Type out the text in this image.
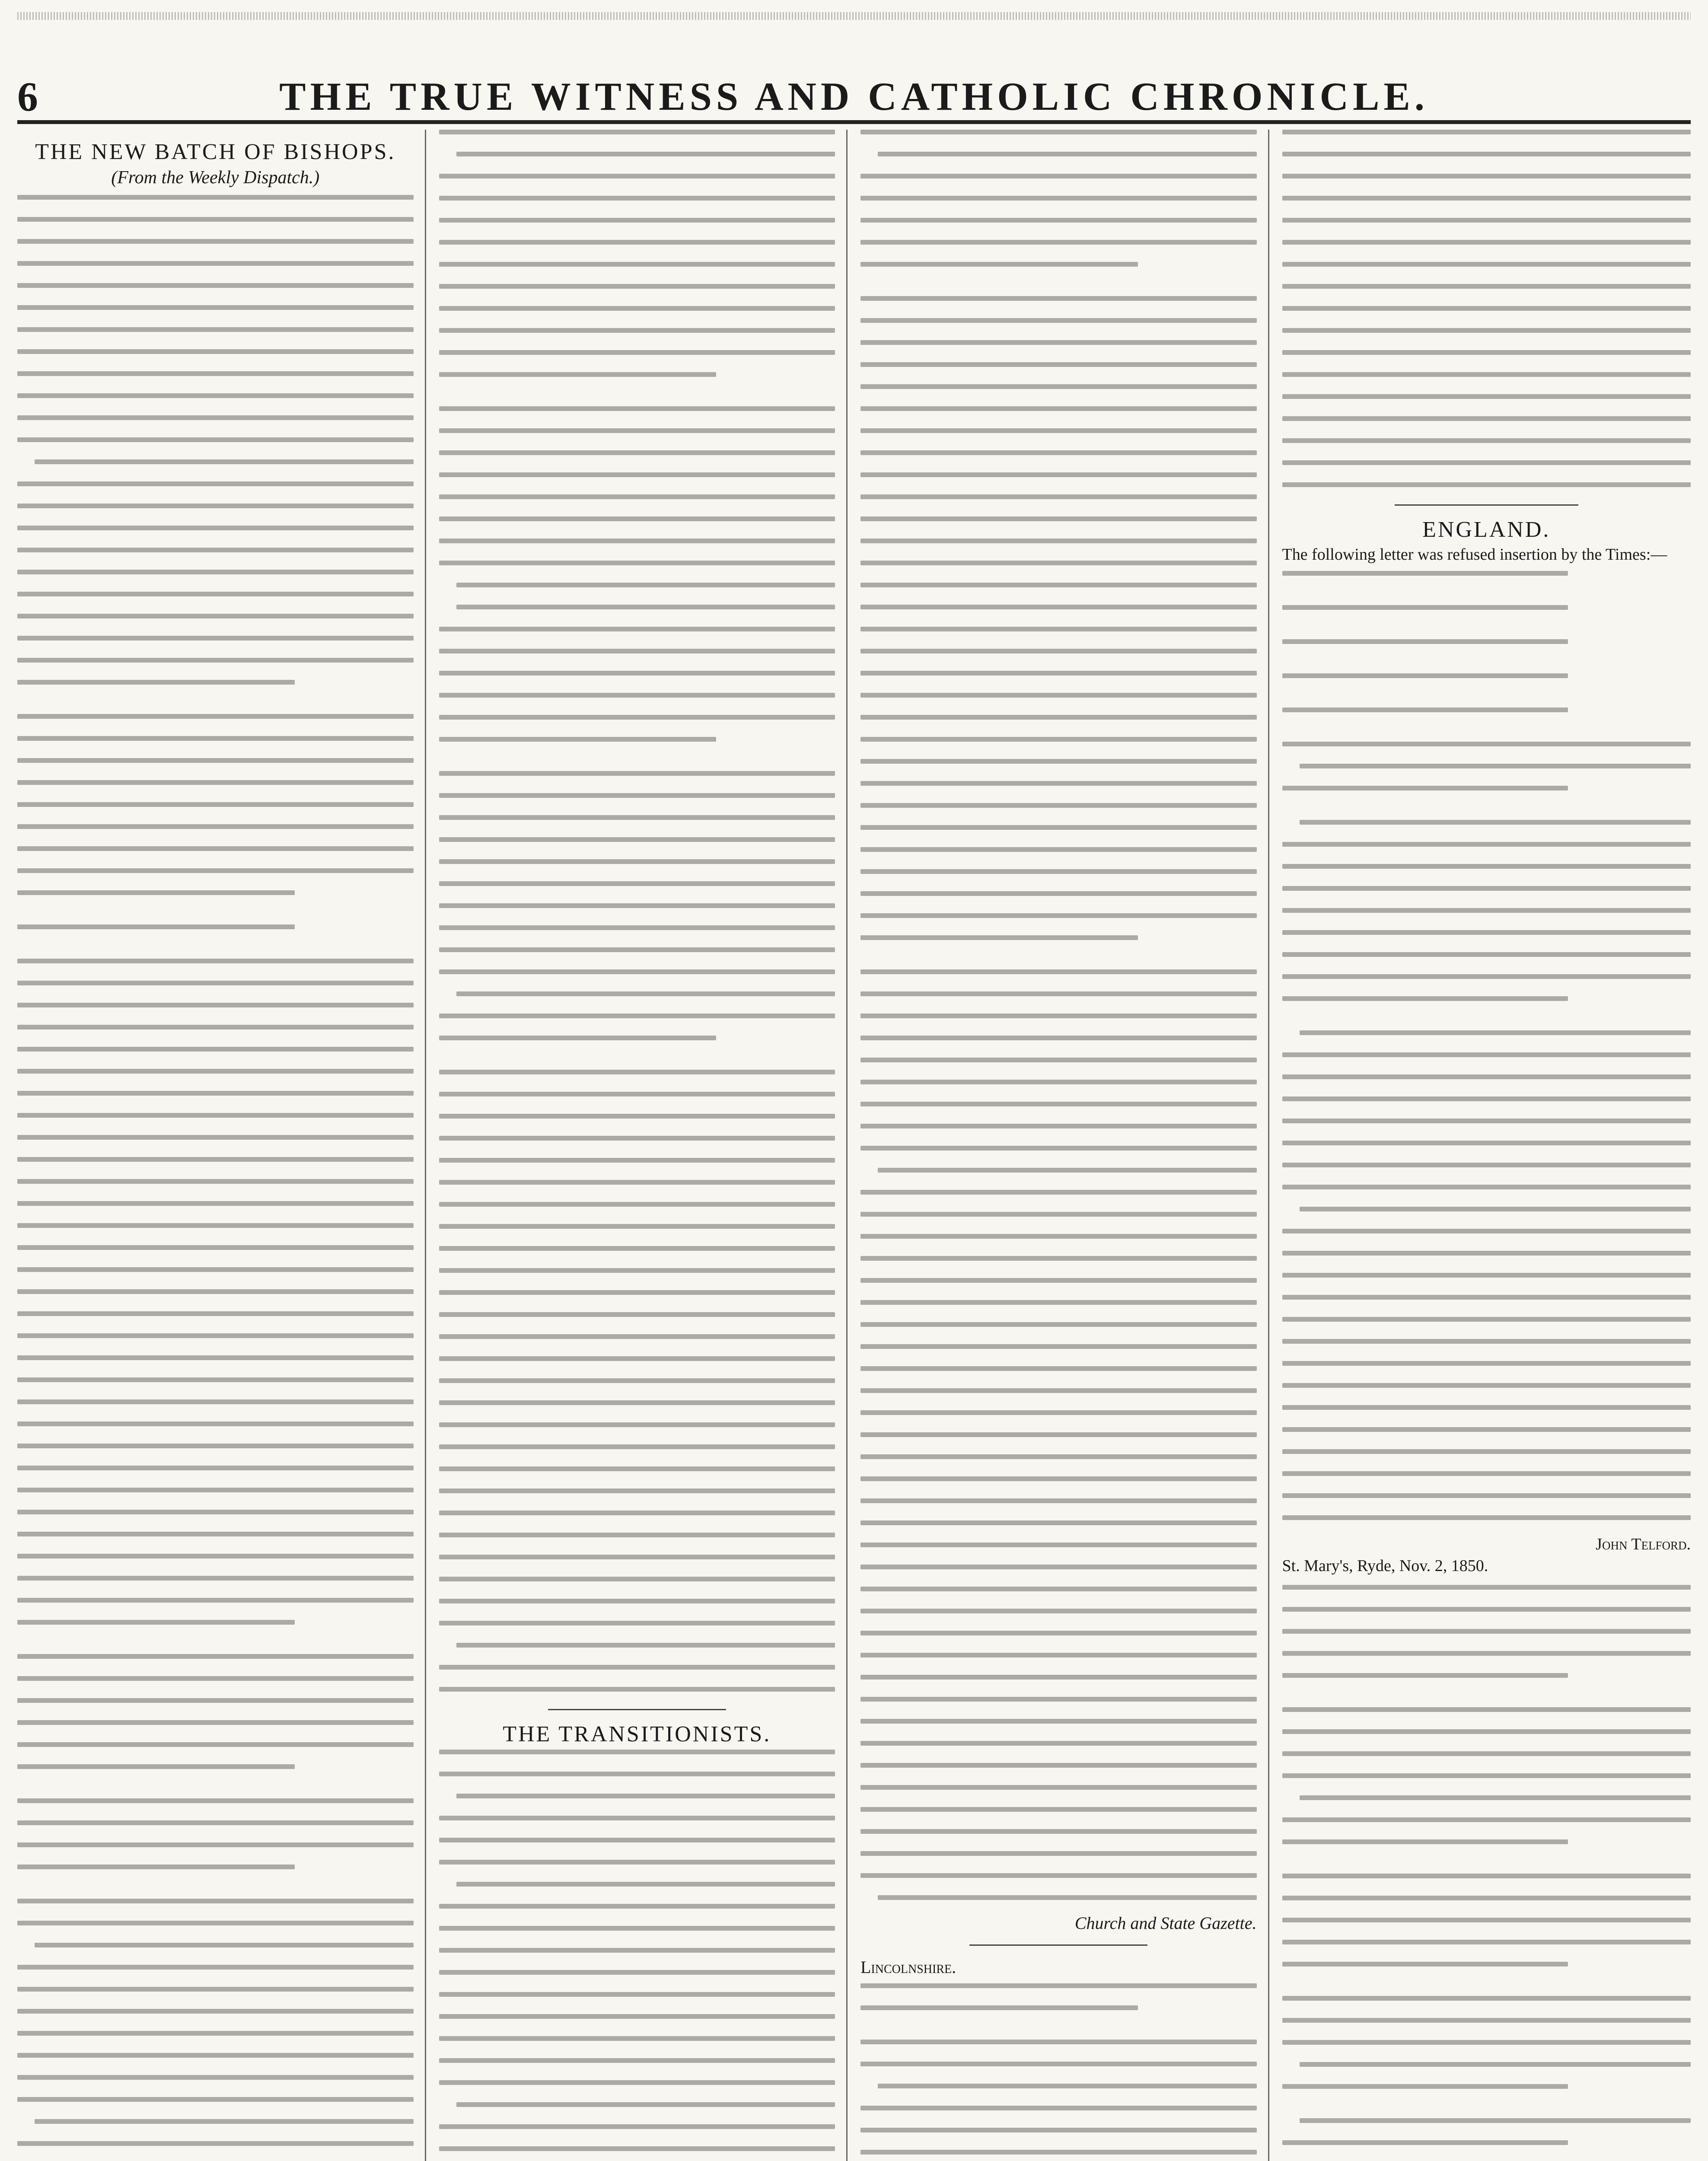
6	THE TRUE WITNESS AND CATHOLIC CHRONICLE.
THE NEW BATCH OF BISHOPS.
(From the Weekly Dispatch.)
THE TRANSITIONISTS.
Church and State Gazette.
Lincolnshire.
ENGLAND.
The following letter was refused insertion by the Times:—
John Telford.
St. Mary's, Ryde, Nov. 2, 1850.
